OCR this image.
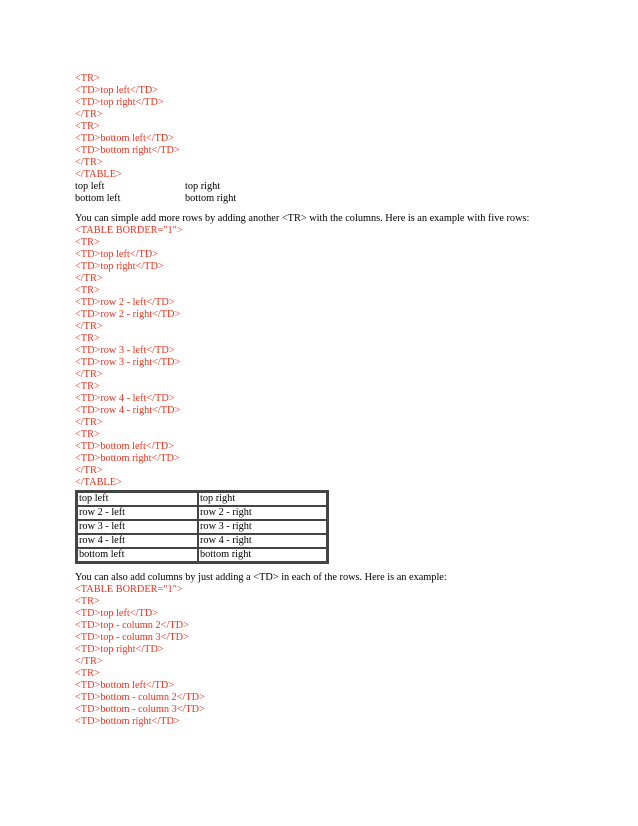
<TR>
<TD>top left</TD>
<TD>top right</TD>
</TR>
<TR>
<TD>bottom left</TD>
<TD>bottom right</TD>
</TR>
</TABLE>
top left	top right
bottom left	bottom right
You can simple add more rows by adding another <TR> with the columns. Here is an example with five rows:
<TABLE BORDER="1">
<TR>
<TD>top left</TD>
<TD>top right</TD>
</TR>
<TR>
<TD>row 2 - left</TD>
<TD>row 2 - right</TD>
</TR>
<TR>
<TD>row 3 - left</TD>
<TD>row 3 - right</TD>
</TR>
<TR>
<TD>row 4 - left</TD>
<TD>row 4 - right</TD>
</TR>
<TR>
<TD>bottom left</TD>
<TD>bottom right</TD>
</TR>
</TABLE>
top left	top right
row 2 - left	row 2 - right
row 3 - left	row 3 - right
row 4 - left	row 4 - right
bottom left	bottom right
You can also add columns by just adding a <TD> in each of the rows. Here is an example:
<TABLE BORDER="1">
<TR>
<TD>top left</TD>
<TD>top - column 2</TD>
<TD>top - column 3</TD>
<TD>top right</TD>
</TR>
<TR>
<TD>bottom left</TD>
<TD>bottom - column 2</TD>
<TD>bottom - column 3</TD>
<TD>bottom right</TD>
